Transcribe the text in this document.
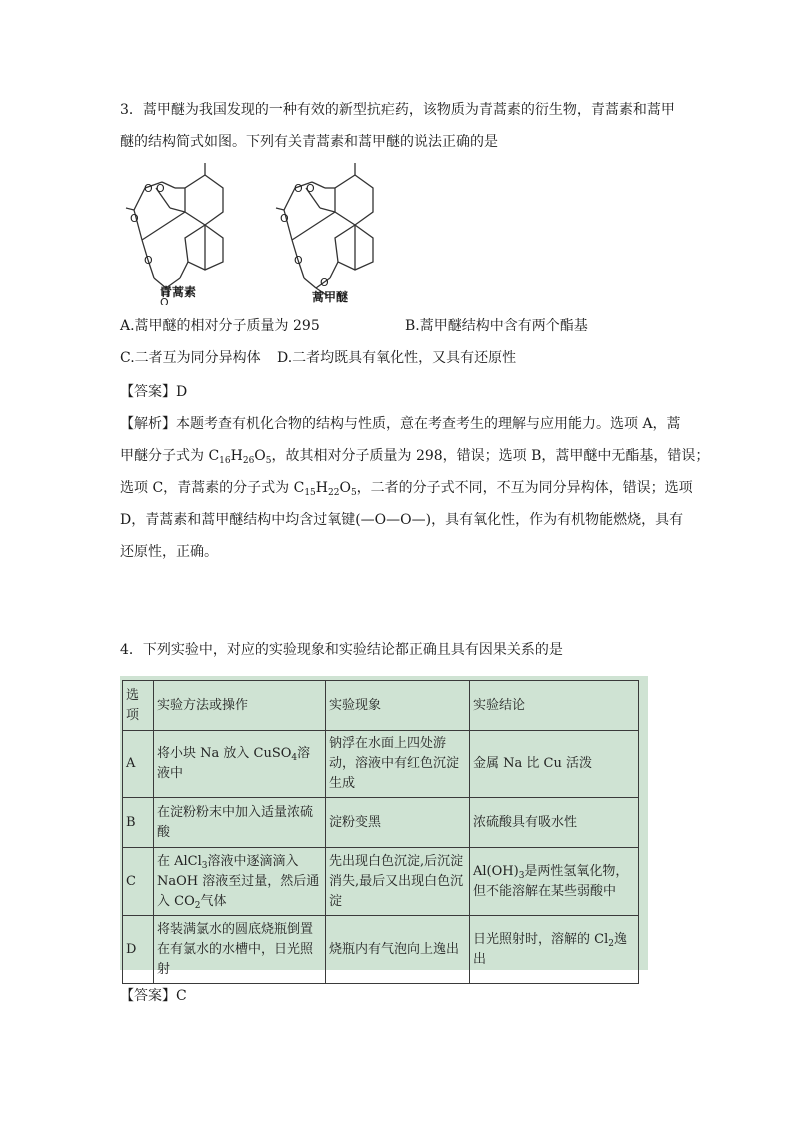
3．蒿甲醚为我国发现的一种有效的新型抗疟药，该物质为青蒿素的衍生物，青蒿素和蒿甲
醚的结构简式如图。下列有关青蒿素和蒿甲醚的说法正确的是
O O
O
O
O
青蒿素
O O
O
O
O
蒿甲醚
A.蒿甲醚的相对分子质量为 295	B.蒿甲醚结构中含有两个酯基
C.二者互为同分异构体 D.二者均既具有氧化性，又具有还原性
【答案】D
【解析】本题考查有机化合物的结构与性质，意在考查考生的理解与应用能力。选项 A，蒿
甲醚分子式为 $C_{16}H_{26}O_5$，故其相对分子质量为 298，错误；选项 B，蒿甲醚中无酯基，错误；
选项 C，青蒿素的分子式为 $C_{15}H_{22}O_5$，二者的分子式不同，不互为同分异构体，错误；选项
D，青蒿素和蒿甲醚结构中均含过氧键(—O—O—)，具有氧化性，作为有机物能燃烧，具有
还原性，正确。
4．下列实验中，对应的实验现象和实验结论都正确且具有因果关系的是
选项	实验方法或操作	实验现象	实验结论
A	将小块 Na 放入 CuSO$_4$溶液中	钠浮在水面上四处游动，溶液中有红色沉淀生成	金属 Na 比 Cu 活泼
B	在淀粉粉末中加入适量浓硫酸	淀粉变黑	浓硫酸具有吸水性
C	在 AlCl$_3$溶液中逐滴滴入 NaOH 溶液至过量，然后通入 $CO_2$气体	先出现白色沉淀,后沉淀消失,最后又出现白色沉淀	$Al(OH)_3$是两性氢氧化物，但不能溶解在某些弱酸中
D	将装满氯水的圆底烧瓶倒置在有氯水的水槽中，日光照射	烧瓶内有气泡向上逸出	日光照射时，溶解的 $Cl_2$逸出
【答案】C
